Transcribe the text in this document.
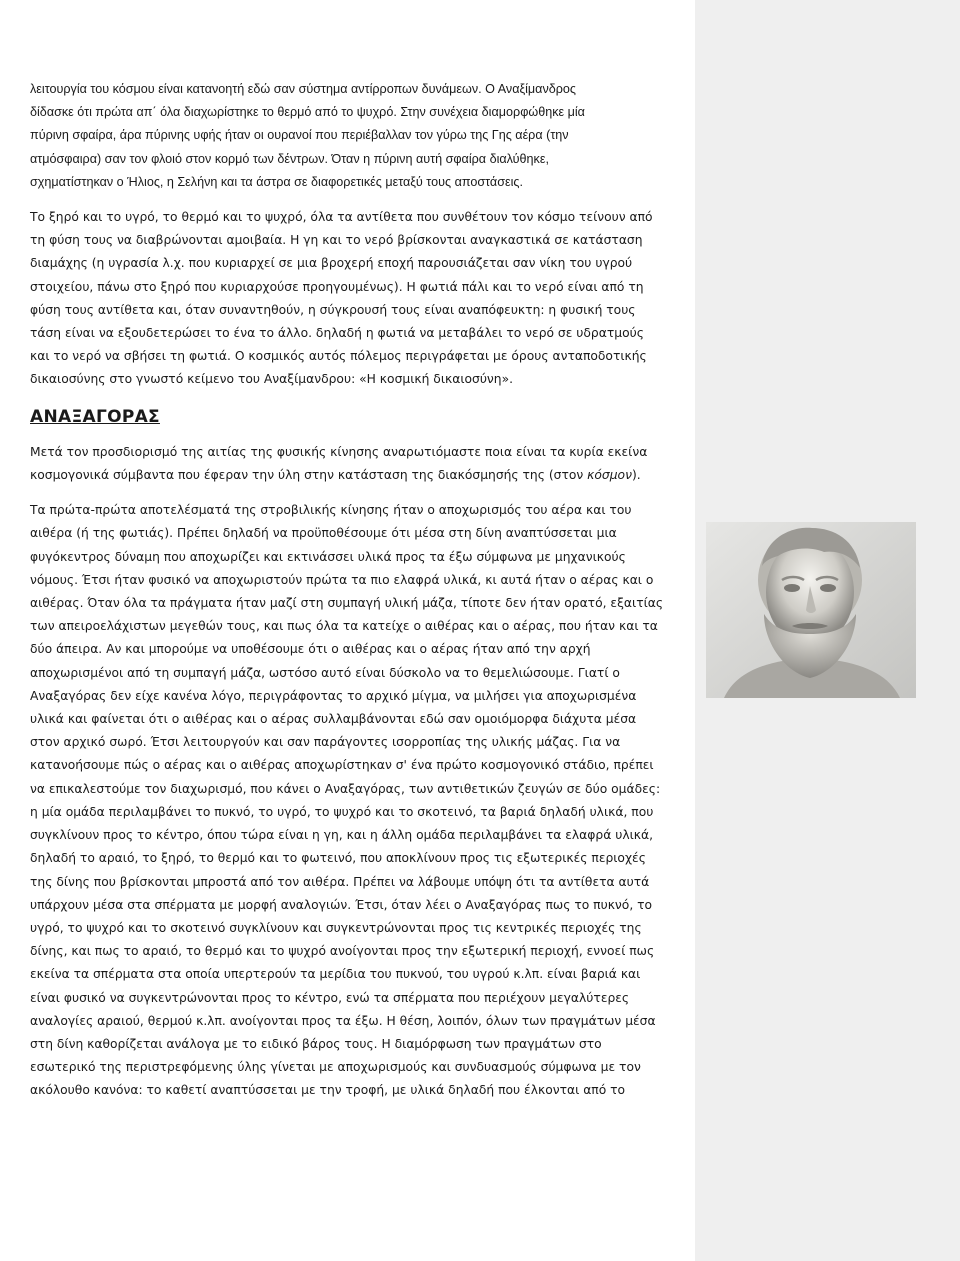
λειτουργία του κόσμου είναι κατανοητή εδώ σαν σύστημα αντίρροπων δυνάμεων. Ο Αναξίμανδρος
δίδασκε ότι πρώτα απ΄ όλα διαχωρίστηκε το θερμό από το ψυχρό. Στην συνέχεια διαμορφώθηκε μία
πύρινη σφαίρα, άρα πύρινης υφής ήταν οι ουρανοί που περιέβαλλαν τον γύρω της Γης αέρα (την
ατμόσφαιρα) σαν τον φλοιό στον κορμό των δέντρων. Όταν η πύρινη αυτή σφαίρα διαλύθηκε,
σχηματίστηκαν ο Ήλιος, η Σελήνη και τα άστρα σε διαφορετικές μεταξύ τους αποστάσεις.

Το ξηρό και το υγρό, το θερμό και το ψυχρό, όλα τα αντίθετα που συνθέτουν τον κόσμο τείνουν από
τη φύση τους να διαβρώνονται αμοιβαία. Η γη και το νερό βρίσκονται αναγκαστικά σε κατάσταση
διαμάχης (η υγρασία λ.χ. που κυριαρχεί σε μια βροχερή εποχή παρουσιάζεται σαν νίκη του υγρού
στοιχείου, πάνω στο ξηρό που κυριαρχούσε προηγουμένως). Η φωτιά πάλι και το νερό είναι από τη
φύση τους αντίθετα και, όταν συναντηθούν, η σύγκρουσή τους είναι αναπόφευκτη: η φυσική τους
τάση είναι να εξουδετερώσει το ένα το άλλο. δηλαδή η φωτιά να μεταβάλει το νερό σε υδρατμούς
και το νερό να σβήσει τη φωτιά. Ο κοσμικός αυτός πόλεμος περιγράφεται με όρους ανταποδοτικής
δικαιοσύνης στο γνωστό κείμενο του Αναξίμανδρου: «Η κοσμική δικαιοσύνη».

ΑΝΑΞΑΓΟΡΑΣ

Μετά τον προσδιορισμό της αιτίας της φυσικής κίνησης αναρωτιόμαστε ποια είναι τα κυρία εκείνα
κοσμογονικά σύμβαντα που έφεραν την ύλη στην κατάσταση της διακόσμησής της (στον κόσμον).

Τα πρώτα-πρώτα αποτελέσματά της στροβιλικής κίνησης ήταν ο αποχωρισμός του αέρα και του
αιθέρα (ή της φωτιάς). Πρέπει δηλαδή να προϋποθέσουμε ότι μέσα στη δίνη αναπτύσσεται μια
φυγόκεντρος δύναμη που αποχωρίζει και εκτινάσσει υλικά προς τα έξω σύμφωνα με μηχανικούς
νόμους. Έτσι ήταν φυσικό να αποχωριστούν πρώτα τα πιο ελαφρά υλικά, κι αυτά ήταν ο αέρας και ο
αιθέρας. Όταν όλα τα πράγματα ήταν μαζί στη συμπαγή υλική μάζα, τίποτε δεν ήταν ορατό, εξαιτίας
των απειροελάχιστων μεγεθών τους, και πως όλα τα κατείχε ο αιθέρας και ο αέρας, που ήταν και τα
δύο άπειρα. Αν και μπορούμε να υποθέσουμε ότι ο αιθέρας και ο αέρας ήταν από την αρχή
αποχωρισμένοι από τη συμπαγή μάζα, ωστόσο αυτό είναι δύσκολο να το θεμελιώσουμε. Γιατί ο
Αναξαγόρας δεν είχε κανένα λόγο, περιγράφοντας το αρχικό μίγμα, να μιλήσει για αποχωρισμένα
υλικά και φαίνεται ότι ο αιθέρας και ο αέρας συλλαμβάνονται εδώ σαν ομοιόμορφα διάχυτα μέσα
στον αρχικό σωρό. Έτσι λειτουργούν και σαν παράγοντες ισορροπίας της υλικής μάζας. Για να
κατανοήσουμε πώς ο αέρας και ο αιθέρας αποχωρίστηκαν σ' ένα πρώτο κοσμογονικό στάδιο, πρέπει
να επικαλεστούμε τον διαχωρισμό, που κάνει ο Αναξαγόρας, των αντιθετικών ζευγών σε δύο ομάδες:
η μία ομάδα περιλαμβάνει το πυκνό, το υγρό, το ψυχρό και το σκοτεινό, τα βαριά δηλαδή υλικά, που
συγκλίνουν προς το κέντρο, όπου τώρα είναι η γη, και η άλλη ομάδα περιλαμβάνει τα ελαφρά υλικά,
δηλαδή το αραιό, το ξηρό, το θερμό και το φωτεινό, που αποκλίνουν προς τις εξωτερικές περιοχές
της δίνης που βρίσκονται μπροστά από τον αιθέρα. Πρέπει να λάβουμε υπόψη ότι τα αντίθετα αυτά
υπάρχουν μέσα στα σπέρματα με μορφή αναλογιών. Έτσι, όταν λέει ο Αναξαγόρας πως το πυκνό, το
υγρό, το ψυχρό και το σκοτεινό συγκλίνουν και συγκεντρώνονται προς τις κεντρικές περιοχές της
δίνης, και πως το αραιό, το θερμό και το ψυχρό ανοίγονται προς την εξωτερική περιοχή, εννοεί πως
εκείνα τα σπέρματα στα οποία υπερτερούν τα μερίδια του πυκνού, του υγρού κ.λπ. είναι βαριά και
είναι φυσικό να συγκεντρώνονται προς το κέντρο, ενώ τα σπέρματα που περιέχουν μεγαλύτερες
αναλογίες αραιού, θερμού κ.λπ. ανοίγονται προς τα έξω. Η θέση, λοιπόν, όλων των πραγμάτων μέσα
στη δίνη καθορίζεται ανάλογα με το ειδικό βάρος τους. Η διαμόρφωση των πραγμάτων στο
εσωτερικό της περιστρεφόμενης ύλης γίνεται με αποχωρισμούς και συνδυασμούς σύμφωνα με τον
ακόλουθο κανόνα: το καθετί αναπτύσσεται με την τροφή, με υλικά δηλαδή που έλκονται από το
